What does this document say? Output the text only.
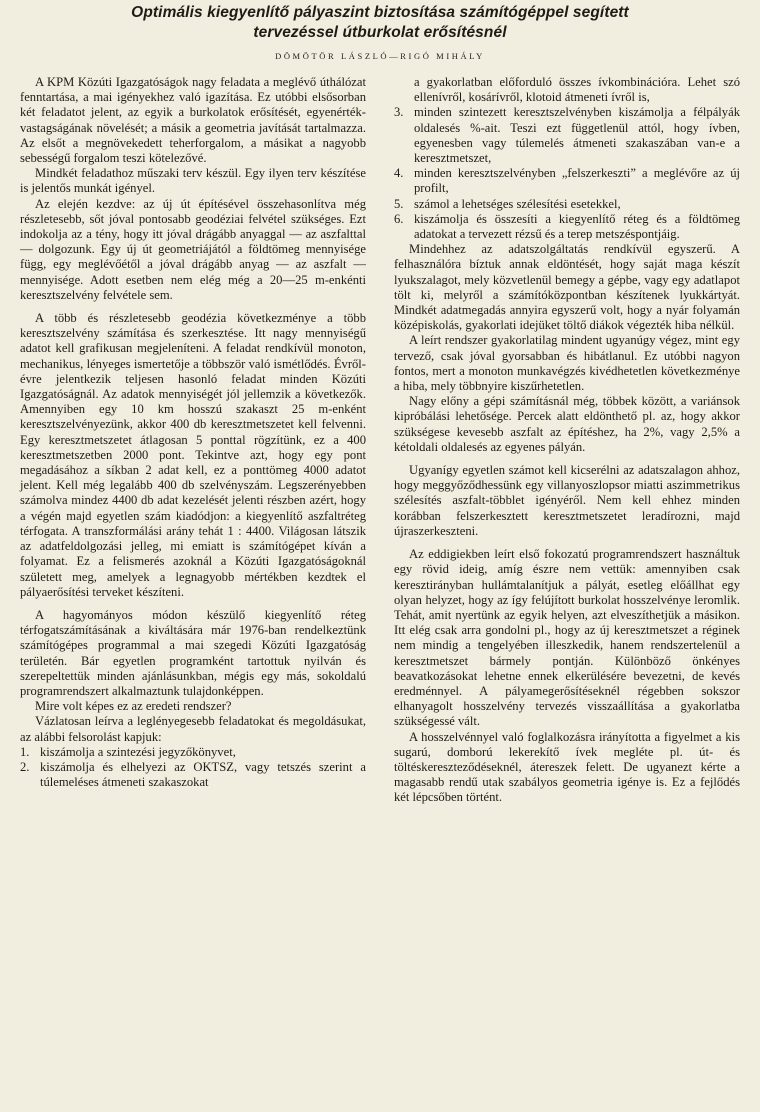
Optimális kiegyenlítő pályaszint biztosítása számítógéppel segített
tervezéssel útburkolat erősítésnél
DÖMÖTÖR LÁSZLÓ—RIGÓ MIHÁLY

A KPM Közúti Igazgatóságok nagy feladata a meglévő úthálózat fenntartása, a mai igényekhez való igazítása. Ez utóbbi elsősorban két feladatot jelent, az egyik a burkolatok erősítését, egyenérték-vastagságának növelését; a másik a geometria javítását tartalmazza. Az elsőt a megnövekedett teherforgalom, a másikat a nagyobb sebességű forgalom teszi kötelezővé.

Mindkét feladathoz műszaki terv készül. Egy ilyen terv készítése is jelentős munkát igényel.

Az elején kezdve: az új út építésével összehasonlítva még részletesebb, sőt jóval pontosabb geodéziai felvétel szükséges. Ezt indokolja az a tény, hogy itt jóval drágább anyaggal — az aszfalttal — dolgozunk. Egy új út geometriájától a földtömeg mennyisége függ, egy meglévőétől a jóval drágább anyag — az aszfalt — mennyisége. Adott esetben nem elég még a 20—25 m-enkénti keresztszelvény felvétele sem.

A több és részletesebb geodézia következménye a több keresztszelvény számítása és szerkesztése. Itt nagy mennyiségű adatot kell grafikusan megjeleníteni. A feladat rendkívül monoton, mechanikus, lényeges ismertetője a többször való ismétlődés. Évről-évre jelentkezik teljesen hasonló feladat minden Közúti Igazgatóságnál. Az adatok mennyiségét jól jellemzik a következők. Amennyiben egy 10 km hosszú szakaszt 25 m-enként keresztszelvényezünk, akkor 400 db keresztmetszetet kell felvenni. Egy keresztmetszetet átlagosan 5 ponttal rögzítünk, ez a 400 keresztmetszetben 2000 pont. Tekintve azt, hogy egy pont megadásához a síkban 2 adat kell, ez a ponttömeg 4000 adatot jelent. Kell még legalább 400 db szelvényszám. Legszerényebben számolva mindez 4400 db adat kezelését jelenti részben azért, hogy a végén majd egyetlen szám kiadódjon: a kiegyenlítő aszfaltréteg térfogata. A transzformálási arány tehát 1 : 4400. Világosan látszik az adatfeldolgozási jelleg, mi emiatt is számítógépet kíván a folyamat. Ez a felismerés azoknál a Közúti Igazgatóságoknál született meg, amelyek a legnagyobb mértékben kezdtek el pályaerősítési terveket készíteni.

A hagyományos módon készülő kiegyenlítő réteg térfogatszámításának a kiváltására már 1976-ban rendelkeztünk számítógépes programmal a mai szegedi Közúti Igazgatóság területén. Bár egyetlen programként tartottuk nyilván és szerepeltettük minden ajánlásunkban, mégis egy más, sokoldalú programrendszert alkalmaztunk tulajdonképpen.

Mire volt képes ez az eredeti rendszer?

Vázlatosan leírva a leglényegesebb feladatokat és megoldásukat, az alábbi felsorolást kapjuk:

1. kiszámolja a szintezési jegyzőkönyvet,
2. kiszámolja és elhelyezi az OKTSZ, vagy tetszés szerint a túlemeléses átmeneti szakaszokat
a gyakorlatban előforduló összes ívkombinációra. Lehet szó ellenívről, kosárívről, klotoid átmeneti ívről is,
3. minden szintezett keresztszelvényben kiszámolja a félpályák oldalesés %-ait. Teszi ezt függetlenül attól, hogy ívben, egyenesben vagy túlemelés átmeneti szakaszában van-e a keresztmetszet,
4. minden keresztszelvényben „felszerkeszti” a meglévőre az új profilt,
5. számol a lehetséges szélesítési esetekkel,
6. kiszámolja és összesíti a kiegyenlítő réteg és a földtömeg adatokat a tervezett rézsű és a terep metszéspontjáig.

Mindehhez az adatszolgáltatás rendkívül egyszerű. A felhasználóra bíztuk annak eldöntését, hogy saját maga készít lyukszalagot, mely közvetlenül bemegy a gépbe, vagy egy adatlapot tölt ki, melyről a számítóközpontban készítenek lyukkártyát. Mindkét adatmegadás annyira egyszerű volt, hogy a nyár folyamán középiskolás, gyakorlati idejüket töltő diákok végezték hiba nélkül.

A leírt rendszer gyakorlatilag mindent ugyanúgy végez, mint egy tervező, csak jóval gyorsabban és hibátlanul. Ez utóbbi nagyon fontos, mert a monoton munkavégzés kivédhetetlen következménye a hiba, mely többnyire kiszűrhetetlen.

Nagy előny a gépi számításnál még, többek között, a variánsok kipróbálási lehetősége. Percek alatt eldönthető pl. az, hogy akkor szükségese kevesebb aszfalt az építéshez, ha 2%, vagy 2,5% a kétoldali oldalesés az egyenes pályán.

Ugyanígy egyetlen számot kell kicserélni az adatszalagon ahhoz, hogy meggyőződhessünk egy villanyoszlopsor miatti aszimmetrikus szélesítés aszfalt-többlet igényéről. Nem kell ehhez minden korábban felszerkesztett keresztmetszetet leradírozni, majd újraszerkeszteni.

Az eddigiekben leírt első fokozatú programrendszert használtuk egy rövid ideig, amíg észre nem vettük: amennyiben csak keresztirányban hullámtalanítjuk a pályát, esetleg előállhat egy olyan helyzet, hogy az így felújított burkolat hosszelvénye leromlik. Tehát, amit nyertünk az egyik helyen, azt elveszíthetjük a másikon. Itt elég csak arra gondolni pl., hogy az új keresztmetszet a réginek nem mindig a tengelyében illeszkedik, hanem rendszertelenül a keresztmetszet bármely pontján. Különböző önkényes beavatkozásokat lehetne ennek elkerülésére bevezetni, de kevés eredménnyel. A pályamegerősítéseknél régebben sokszor elhanyagolt hosszelvény tervezés visszaállítása a gyakorlatba szükségessé vált.

A hosszelvénnyel való foglalkozásra irányította a figyelmet a kis sugarú, domború lekerekítő ívek megléte pl. út- és töltéskereszteződéseknél, átereszek felett. De ugyanezt kérte a magasabb rendű utak szabályos geometria igénye is. Ez a fejlődés két lépcsőben történt.
